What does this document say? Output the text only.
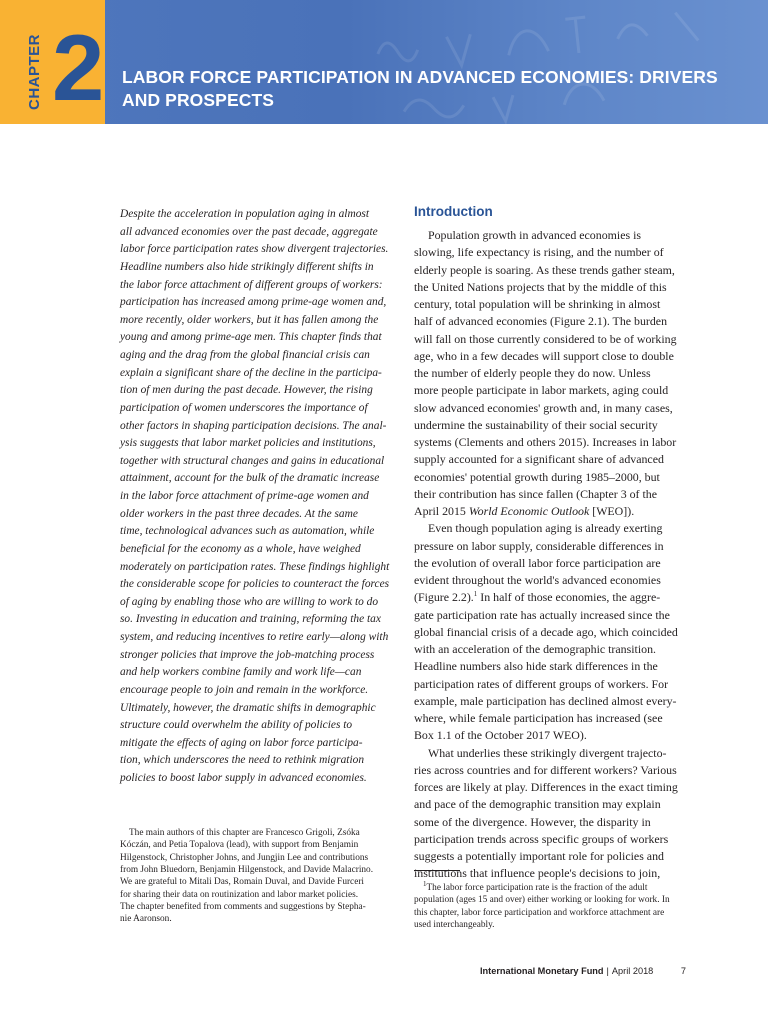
CHAPTER 2 LABOR FORCE PARTICIPATION IN ADVANCED ECONOMIES: DRIVERS
AND PROSPECTS
Despite the acceleration in population aging in almost
all advanced economies over the past decade, aggregate
labor force participation rates show divergent trajectories.
Headline numbers also hide strikingly different shifts in
the labor force attachment of different groups of workers:
participation has increased among prime-age women and,
more recently, older workers, but it has fallen among the
young and among prime-age men. This chapter finds that
aging and the drag from the global financial crisis can
explain a significant share of the decline in the participa-
tion of men during the past decade. However, the rising
participation of women underscores the importance of
other factors in shaping participation decisions. The anal-
ysis suggests that labor market policies and institutions,
together with structural changes and gains in educational
attainment, account for the bulk of the dramatic increase
in the labor force attachment of prime-age women and
older workers in the past three decades. At the same
time, technological advances such as automation, while
beneficial for the economy as a whole, have weighed
moderately on participation rates. These findings highlight
the considerable scope for policies to counteract the forces
of aging by enabling those who are willing to work to do
so. Investing in education and training, reforming the tax
system, and reducing incentives to retire early—along with
stronger policies that improve the job-matching process
and help workers combine family and work life—can
encourage people to join and remain in the workforce.
Ultimately, however, the dramatic shifts in demographic
structure could overwhelm the ability of policies to
mitigate the effects of aging on labor force participa-
tion, which underscores the need to rethink migration
policies to boost labor supply in advanced economies.
The main authors of this chapter are Francesco Grigoli, Zsóka
Kóczán, and Petia Topalova (lead), with support from Benjamin
Hilgenstock, Christopher Johns, and Jungjin Lee and contributions
from John Bluedorn, Benjamin Hilgenstock, and Davide Malacrino.
We are grateful to Mitali Das, Romain Duval, and Davide Furceri
for sharing their data on routinization and labor market policies.
The chapter benefited from comments and suggestions by Stepha-
nie Aaronson.
Introduction
Population growth in advanced economies is
slowing, life expectancy is rising, and the number of
elderly people is soaring. As these trends gather steam,
the United Nations projects that by the middle of this
century, total population will be shrinking in almost
half of advanced economies (Figure 2.1). The burden
will fall on those currently considered to be of working
age, who in a few decades will support close to double
the number of elderly people they do now. Unless
more people participate in labor markets, aging could
slow advanced economies' growth and, in many cases,
undermine the sustainability of their social security
systems (Clements and others 2015). Increases in labor
supply accounted for a significant share of advanced
economies' potential growth during 1985–2000, but
their contribution has since fallen (Chapter 3 of the
April 2015 World Economic Outlook [WEO]).
Even though population aging is already exerting
pressure on labor supply, considerable differences in
the evolution of overall labor force participation are
evident throughout the world's advanced economies
(Figure 2.2).$^1$ In half of those economies, the aggre-
gate participation rate has actually increased since the
global financial crisis of a decade ago, which coincided
with an acceleration of the demographic transition.
Headline numbers also hide stark differences in the
participation rates of different groups of workers. For
example, male participation has declined almost every-
where, while female participation has increased (see
Box 1.1 of the October 2017 WEO).
What underlies these strikingly divergent trajecto-
ries across countries and for different workers? Various
forces are likely at play. Differences in the exact timing
and pace of the demographic transition may explain
some of the divergence. However, the disparity in
participation trends across specific groups of workers
suggests a potentially important role for policies and
institutions that influence people's decisions to join,
$^1$The labor force participation rate is the fraction of the adult
population (ages 15 and over) either working or looking for work. In
this chapter, labor force participation and workforce attachment are
used interchangeably.
International Monetary Fund | April 2018	7
